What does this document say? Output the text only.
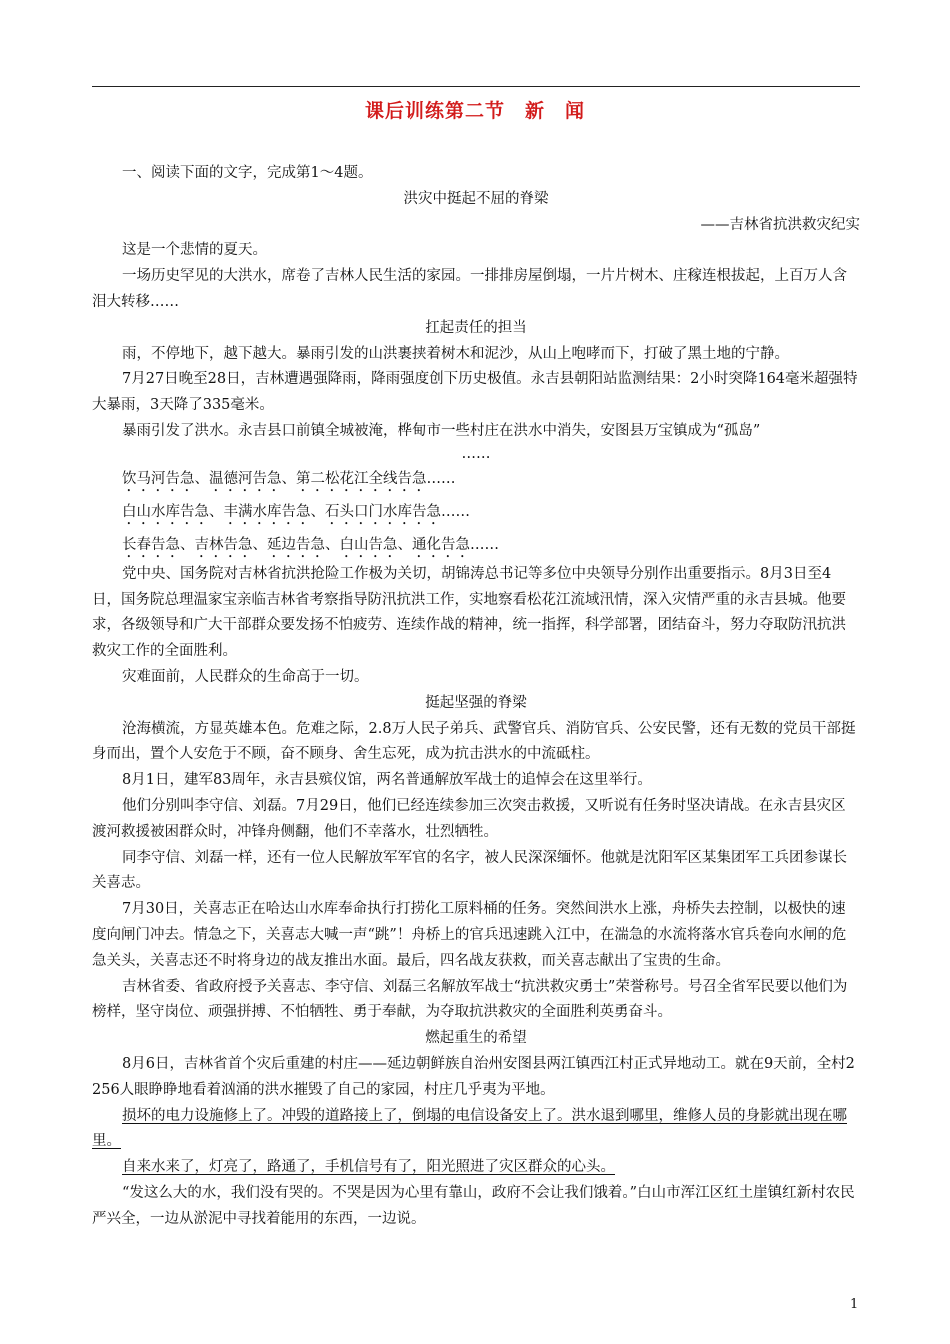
课后训练第二节　新　闻

一、阅读下面的文字，完成第1～4题。

洪灾中挺起不屈的脊梁

——吉林省抗洪救灾纪实

这是一个悲情的夏天。

一场历史罕见的大洪水，席卷了吉林人民生活的家园。一排排房屋倒塌，一片片树木、庄稼连根拔起，上百万人含泪大转移……

扛起责任的担当

雨，不停地下，越下越大。暴雨引发的山洪裹挟着树木和泥沙，从山上咆哮而下，打破了黑土地的宁静。

7月27日晚至28日，吉林遭遇强降雨，降雨强度创下历史极值。永吉县朝阳站监测结果：2小时突降164毫米超强特大暴雨，3天降了335毫米。

暴雨引发了洪水。永吉县口前镇全城被淹，桦甸市一些村庄在洪水中消失，安图县万宝镇成为“孤岛”

……

饮马河告急、温德河告急、第二松花江全线告急……

白山水库告急、丰满水库告急、石头口门水库告急……

长春告急、吉林告急、延边告急、白山告急、通化告急……

党中央、国务院对吉林省抗洪抢险工作极为关切，胡锦涛总书记等多位中央领导分别作出重要指示。8月3日至4日，国务院总理温家宝亲临吉林省考察指导防汛抗洪工作，实地察看松花江流域汛情，深入灾情严重的永吉县城。他要求，各级领导和广大干部群众要发扬不怕疲劳、连续作战的精神，统一指挥，科学部署，团结奋斗，努力夺取防汛抗洪救灾工作的全面胜利。

灾难面前，人民群众的生命高于一切。

挺起坚强的脊梁

沧海横流，方显英雄本色。危难之际，2.8万人民子弟兵、武警官兵、消防官兵、公安民警，还有无数的党员干部挺身而出，置个人安危于不顾，奋不顾身、舍生忘死，成为抗击洪水的中流砥柱。

8月1日，建军83周年，永吉县殡仪馆，两名普通解放军战士的追悼会在这里举行。

他们分别叫李守信、刘磊。7月29日，他们已经连续参加三次突击救援，又听说有任务时坚决请战。在永吉县灾区渡河救援被困群众时，冲锋舟侧翻，他们不幸落水，壮烈牺牲。

同李守信、刘磊一样，还有一位人民解放军军官的名字，被人民深深缅怀。他就是沈阳军区某集团军工兵团参谋长关喜志。

7月30日，关喜志正在哈达山水库奉命执行打捞化工原料桶的任务。突然间洪水上涨，舟桥失去控制，以极快的速度向闸门冲去。情急之下，关喜志大喊一声“跳”！舟桥上的官兵迅速跳入江中，在湍急的水流将落水官兵卷向水闸的危急关头，关喜志还不时将身边的战友推出水面。最后，四名战友获救，而关喜志献出了宝贵的生命。

吉林省委、省政府授予关喜志、李守信、刘磊三名解放军战士“抗洪救灾勇士”荣誉称号。号召全省军民要以他们为榜样，坚守岗位、顽强拼搏、不怕牺牲、勇于奉献，为夺取抗洪救灾的全面胜利英勇奋斗。

燃起重生的希望

8月6日，吉林省首个灾后重建的村庄——延边朝鲜族自治州安图县两江镇西江村正式异地动工。就在9天前，全村2 256人眼睁睁地看着汹涌的洪水摧毁了自己的家园，村庄几乎夷为平地。

损坏的电力设施修上了。冲毁的道路接上了，倒塌的电信设备安上了。洪水退到哪里，维修人员的身影就出现在哪里。

自来水来了，灯亮了，路通了，手机信号有了，阳光照进了灾区群众的心头。

“发这么大的水，我们没有哭的。不哭是因为心里有靠山，政府不会让我们饿着。”白山市浑江区红土崖镇红新村农民严兴全，一边从淤泥中寻找着能用的东西，一边说。

1
